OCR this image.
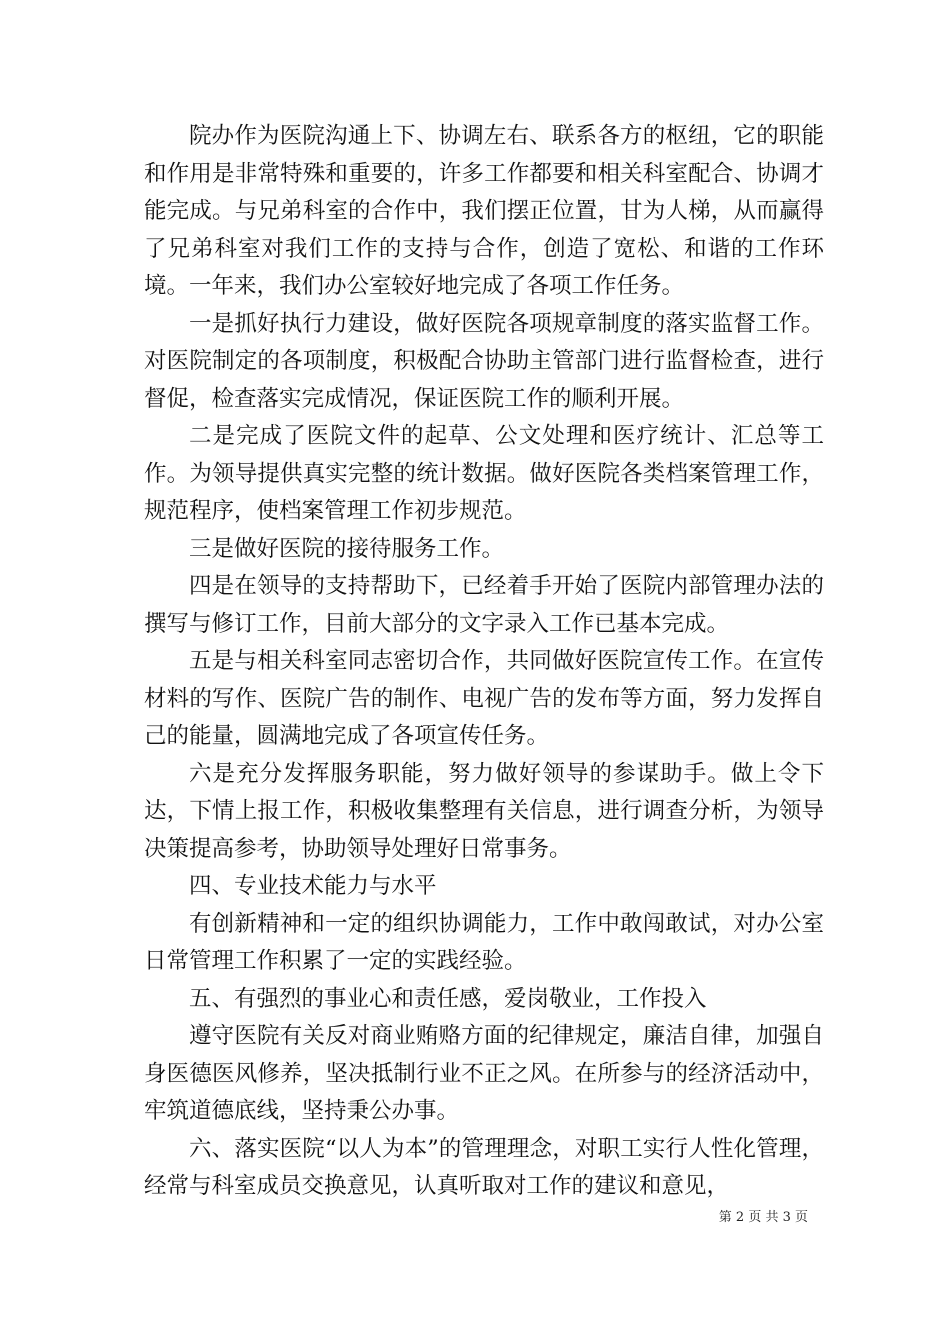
院办作为医院沟通上下、协调左右、联系各方的枢纽，它的职能和作用是非常特殊和重要的，许多工作都要和相关科室配合、协调才能完成。与兄弟科室的合作中，我们摆正位置，甘为人梯，从而赢得了兄弟科室对我们工作的支持与合作，创造了宽松、和谐的工作环境。一年来，我们办公室较好地完成了各项工作任务。

一是抓好执行力建设，做好医院各项规章制度的落实监督工作。对医院制定的各项制度，积极配合协助主管部门进行监督检查，进行督促，检查落实完成情况，保证医院工作的顺利开展。

二是完成了医院文件的起草、公文处理和医疗统计、汇总等工作。为领导提供真实完整的统计数据。做好医院各类档案管理工作，规范程序，使档案管理工作初步规范。

三是做好医院的接待服务工作。

四是在领导的支持帮助下，已经着手开始了医院内部管理办法的撰写与修订工作，目前大部分的文字录入工作已基本完成。

五是与相关科室同志密切合作，共同做好医院宣传工作。在宣传材料的写作、医院广告的制作、电视广告的发布等方面，努力发挥自己的能量，圆满地完成了各项宣传任务。

六是充分发挥服务职能，努力做好领导的参谋助手。做上令下达，下情上报工作，积极收集整理有关信息，进行调查分析，为领导决策提高参考，协助领导处理好日常事务。

四、专业技术能力与水平

有创新精神和一定的组织协调能力，工作中敢闯敢试，对办公室日常管理工作积累了一定的实践经验。

五、有强烈的事业心和责任感，爱岗敬业，工作投入

遵守医院有关反对商业贿赂方面的纪律规定，廉洁自律，加强自身医德医风修养，坚决抵制行业不正之风。在所参与的经济活动中，牢筑道德底线，坚持秉公办事。

六、落实医院“以人为本”的管理理念，对职工实行人性化管理，经常与科室成员交换意见，认真听取对工作的建议和意见，

第 2 页 共 3 页
